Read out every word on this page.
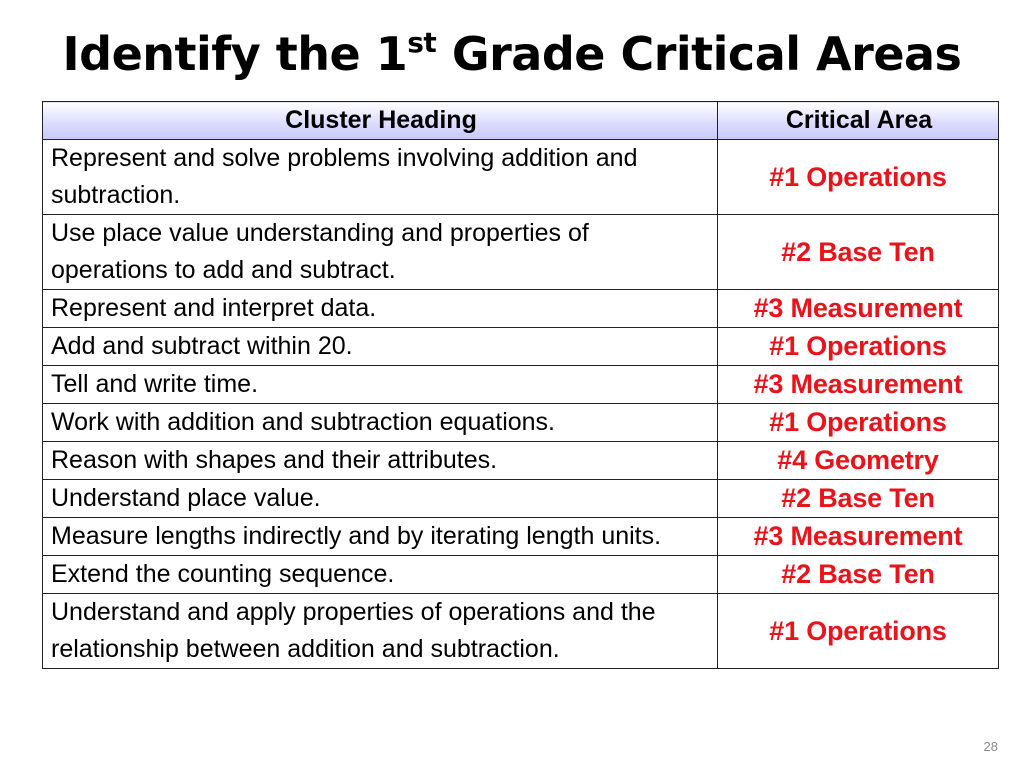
Identify the 1st Grade Critical Areas
Cluster Heading	Critical Area
Represent and solve problems involving addition and subtraction.	#1 Operations
Use place value understanding and properties of operations to add and subtract.	#2 Base Ten
Represent and interpret data.	#3 Measurement
Add and subtract within 20.	#1 Operations
Tell and write time.	#3 Measurement
Work with addition and subtraction equations.	#1 Operations
Reason with shapes and their attributes.	#4 Geometry
Understand place value.	#2 Base Ten
Measure lengths indirectly and by iterating length units.	#3 Measurement
Extend the counting sequence.	#2 Base Ten
Understand and apply properties of operations and the relationship between addition and subtraction.	#1 Operations
28
